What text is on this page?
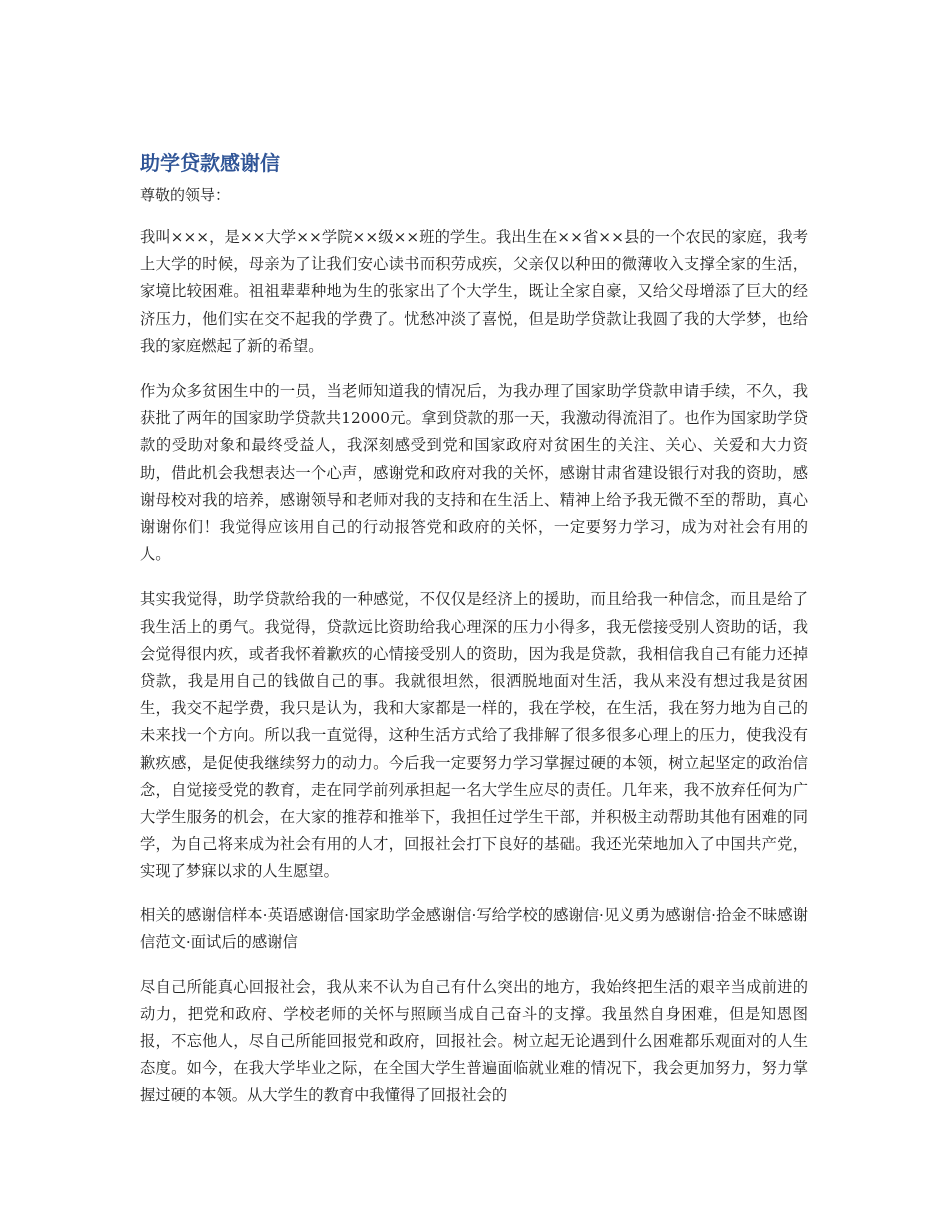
助学贷款感谢信

尊敬的领导：

我叫×××，是××大学××学院××级××班的学生。我出生在××省××县的一个农民的家庭，我考上大学的时候，母亲为了让我们安心读书而积劳成疾，父亲仅以种田的微薄收入支撑全家的生活，家境比较困难。祖祖辈辈种地为生的张家出了个大学生，既让全家自豪，又给父母增添了巨大的经济压力，他们实在交不起我的学费了。忧愁冲淡了喜悦，但是助学贷款让我圆了我的大学梦，也给我的家庭燃起了新的希望。

作为众多贫困生中的一员，当老师知道我的情况后，为我办理了国家助学贷款申请手续，不久，我获批了两年的国家助学贷款共12000元。拿到贷款的那一天，我激动得流泪了。也作为国家助学贷款的受助对象和最终受益人，我深刻感受到党和国家政府对贫困生的关注、关心、关爱和大力资助，借此机会我想表达一个心声，感谢党和政府对我的关怀，感谢甘肃省建设银行对我的资助，感谢母校对我的培养，感谢领导和老师对我的支持和在生活上、精神上给予我无微不至的帮助，真心谢谢你们！我觉得应该用自己的行动报答党和政府的关怀，一定要努力学习，成为对社会有用的人。

其实我觉得，助学贷款给我的一种感觉，不仅仅是经济上的援助，而且给我一种信念，而且是给了我生活上的勇气。我觉得，贷款远比资助给我心理深的压力小得多，我无偿接受别人资助的话，我会觉得很内疚，或者我怀着歉疚的心情接受别人的资助，因为我是贷款，我相信我自己有能力还掉贷款，我是用自己的钱做自己的事。我就很坦然，很洒脱地面对生活，我从来没有想过我是贫困生，我交不起学费，我只是认为，我和大家都是一样的，我在学校，在生活，我在努力地为自己的未来找一个方向。所以我一直觉得，这种生活方式给了我排解了很多很多心理上的压力，使我没有歉疚感，是促使我继续努力的动力。今后我一定要努力学习掌握过硬的本领，树立起坚定的政治信念，自觉接受党的教育，走在同学前列承担起一名大学生应尽的责任。几年来，我不放弃任何为广大学生服务的机会，在大家的推荐和推举下，我担任过学生干部，并积极主动帮助其他有困难的同学，为自己将来成为社会有用的人才，回报社会打下良好的基础。我还光荣地加入了中国共产党，实现了梦寐以求的人生愿望。

相关的感谢信样本·英语感谢信·国家助学金感谢信·写给学校的感谢信·见义勇为感谢信·拾金不昧感谢信范文·面试后的感谢信

尽自己所能真心回报社会，我从来不认为自己有什么突出的地方，我始终把生活的艰辛当成前进的动力，把党和政府、学校老师的关怀与照顾当成自己奋斗的支撑。我虽然自身困难，但是知恩图报，不忘他人，尽自己所能回报党和政府，回报社会。树立起无论遇到什么困难都乐观面对的人生态度。如今，在我大学毕业之际，在全国大学生普遍面临就业难的情况下，我会更加努力，努力掌握过硬的本领。从大学生的教育中我懂得了回报社会的
